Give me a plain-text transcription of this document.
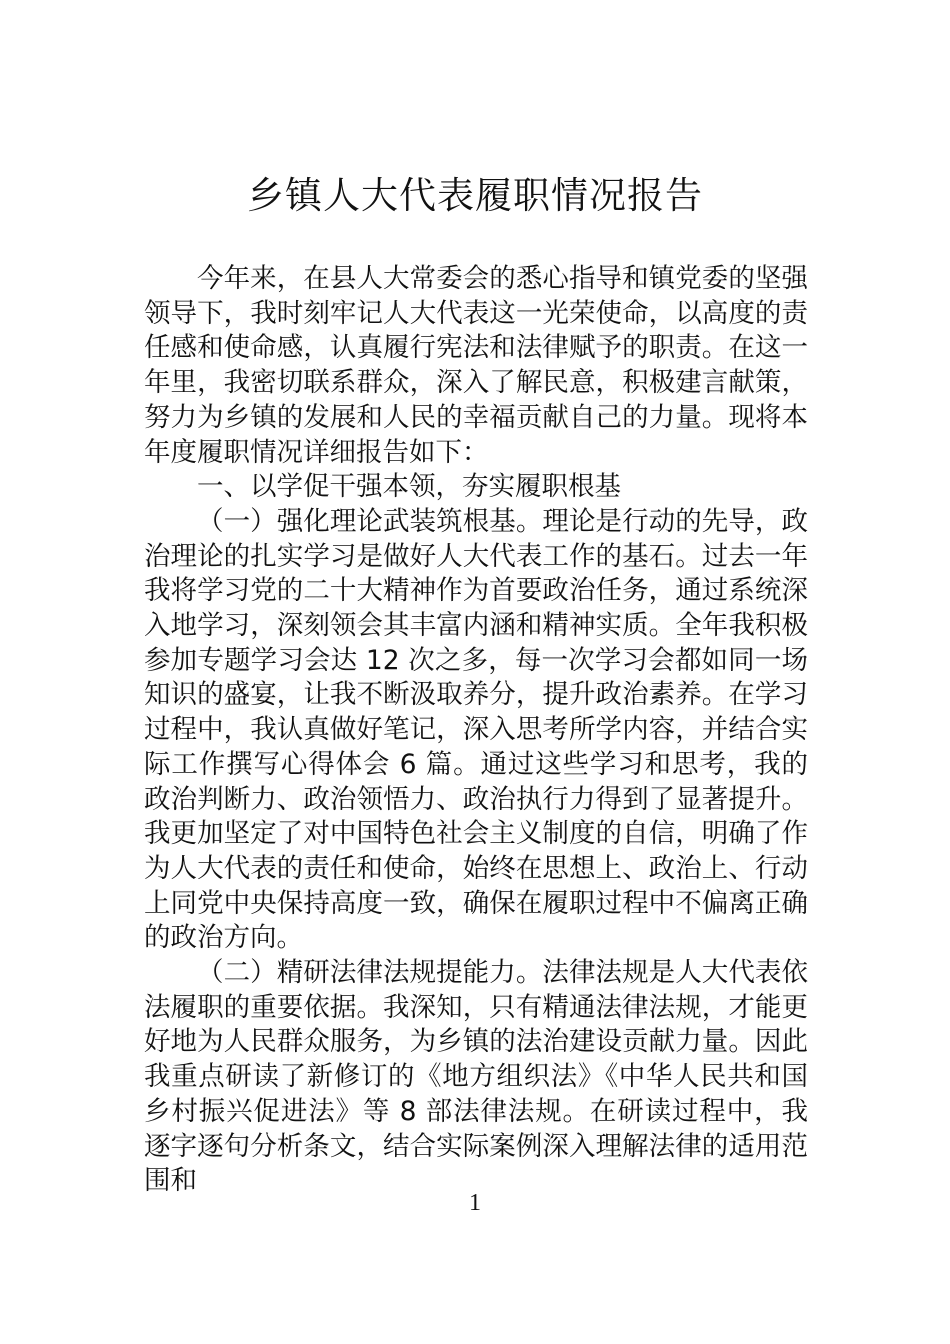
乡镇人大代表履职情况报告

今年来，在县人大常委会的悉心指导和镇党委的坚强领导下，我时刻牢记人大代表这一光荣使命，以高度的责任感和使命感，认真履行宪法和法律赋予的职责。在这一年里，我密切联系群众，深入了解民意，积极建言献策，努力为乡镇的发展和人民的幸福贡献自己的力量。现将本年度履职情况详细报告如下：

一、以学促干强本领，夯实履职根基

（一）强化理论武装筑根基。理论是行动的先导，政治理论的扎实学习是做好人大代表工作的基石。过去一年我将学习党的二十大精神作为首要政治任务，通过系统深入地学习，深刻领会其丰富内涵和精神实质。全年我积极参加专题学习会达 12 次之多，每一次学习会都如同一场知识的盛宴，让我不断汲取养分，提升政治素养。在学习过程中，我认真做好笔记，深入思考所学内容，并结合实际工作撰写心得体会 6 篇。通过这些学习和思考，我的政治判断力、政治领悟力、政治执行力得到了显著提升。我更加坚定了对中国特色社会主义制度的自信，明确了作为人大代表的责任和使命，始终在思想上、政治上、行动上同党中央保持高度一致，确保在履职过程中不偏离正确的政治方向。

（二）精研法律法规提能力。法律法规是人大代表依法履职的重要依据。我深知，只有精通法律法规，才能更好地为人民群众服务，为乡镇的法治建设贡献力量。因此我重点研读了新修订的《地方组织法》《中华人民共和国乡村振兴促进法》等 8 部法律法规。在研读过程中，我逐字逐句分析条文，结合实际案例深入理解法律的适用范围和

1
